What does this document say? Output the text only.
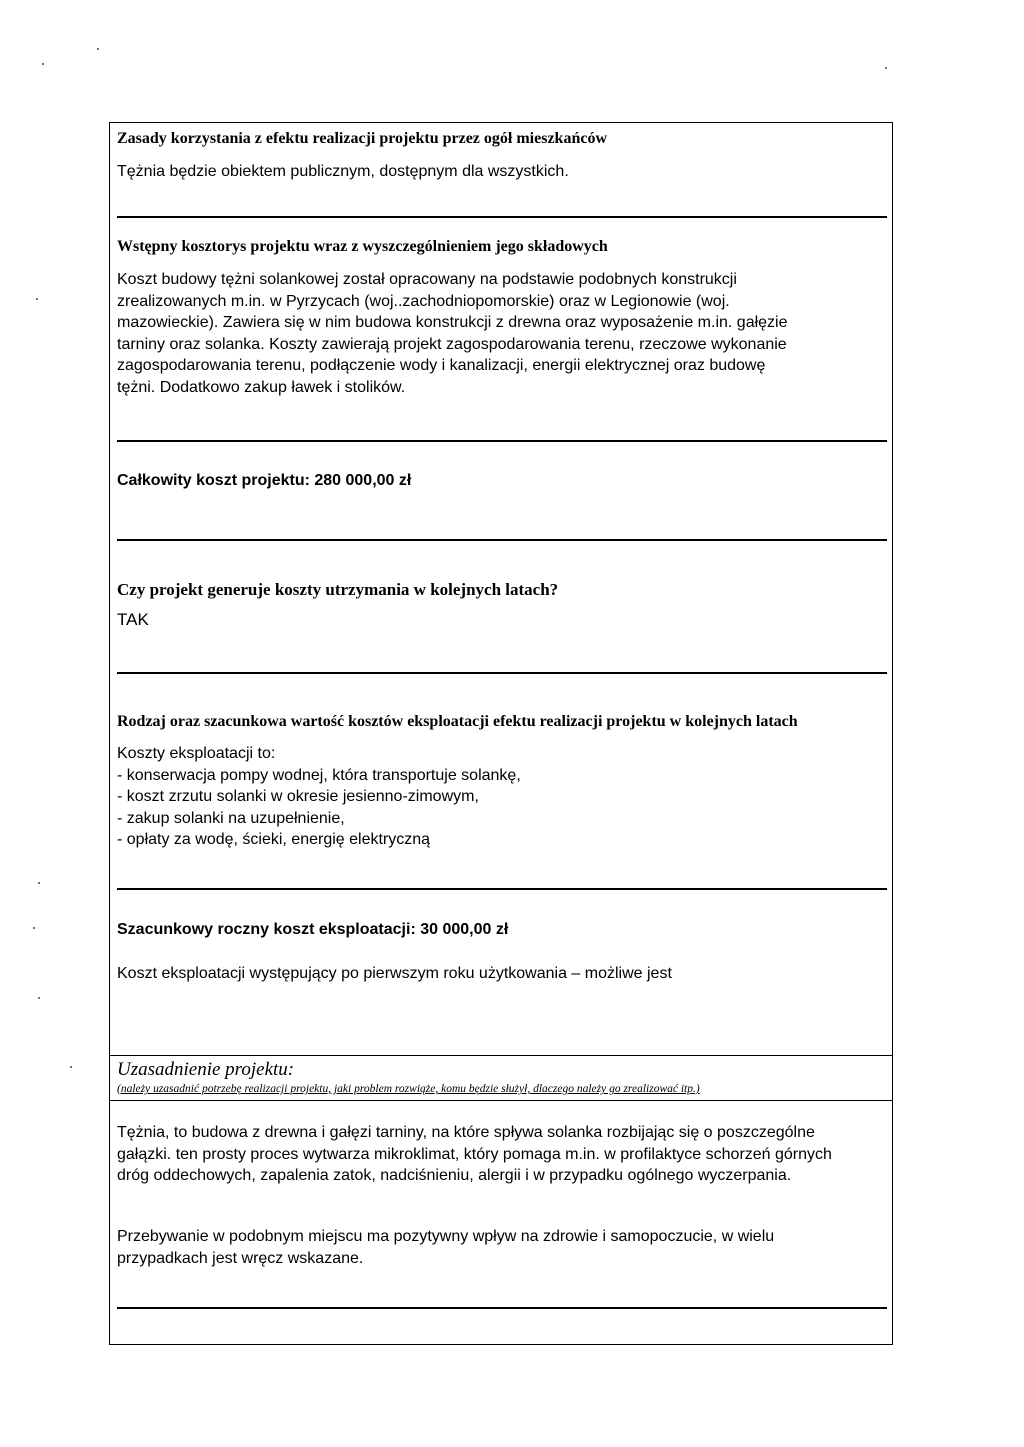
Zasady korzystania z efektu realizacji projektu przez ogół mieszkańców
Tężnia będzie obiektem publicznym, dostępnym dla wszystkich.
Wstępny kosztorys projektu wraz z wyszczególnieniem jego składowych
Koszt budowy tężni solankowej został opracowany na podstawie podobnych konstrukcji
zrealizowanych m.in. w Pyrzycach (woj..zachodniopomorskie) oraz w Legionowie (woj.
mazowieckie). Zawiera się w nim budowa konstrukcji z drewna oraz wyposażenie m.in. gałęzie
tarniny oraz solanka. Koszty zawierają projekt zagospodarowania terenu, rzeczowe wykonanie
zagospodarowania terenu, podłączenie wody i kanalizacji, energii elektrycznej oraz budowę
tężni. Dodatkowo zakup ławek i stolików.
Całkowity koszt projektu: 280 000,00 zł
Czy projekt generuje koszty utrzymania w kolejnych latach?
TAK
Rodzaj oraz szacunkowa wartość kosztów eksploatacji efektu realizacji projektu w kolejnych latach
Koszty eksploatacji to:
- konserwacja pompy wodnej, która transportuje solankę,
- koszt zrzutu solanki w okresie jesienno-zimowym,
- zakup solanki na uzupełnienie,
- opłaty za wodę, ścieki, energię elektryczną
Szacunkowy roczny koszt eksploatacji: 30 000,00 zł
Koszt eksploatacji występujący po pierwszym roku użytkowania – możliwe jest
Uzasadnienie projektu:
(należy uzasadnić potrzebę realizacji projektu, jaki problem rozwiąże, komu będzie służył, dlaczego należy go zrealizować itp.)
Tężnia, to budowa z drewna i gałęzi tarniny, na które spływa solanka rozbijając się o poszczególne gałązki. ten prosty proces wytwarza mikroklimat, który pomaga m.in. w profilaktyce schorzeń górnych dróg oddechowych, zapalenia zatok, nadciśnieniu, alergii i w przypadku ogólnego wyczerpania.
Przebywanie w podobnym miejscu ma pozytywny wpływ na zdrowie i samopoczucie, w wielu przypadkach jest wręcz wskazane.
